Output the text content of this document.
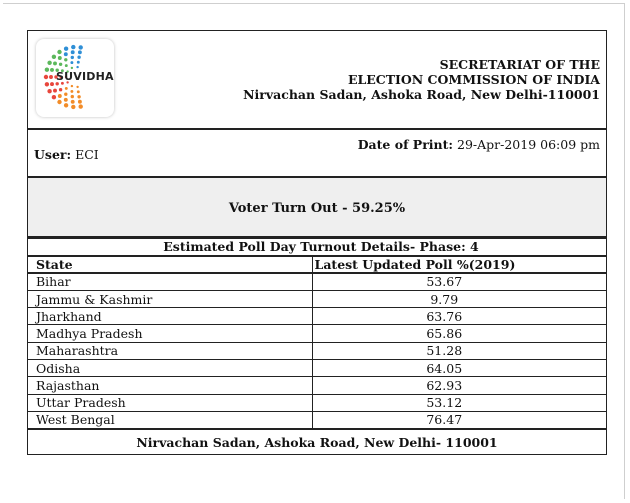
SUVIDHA
SECRETARIAT OF THE
ELECTION COMMISSION OF INDIA
Nirvachan Sadan, Ashoka Road, New Delhi-110001
User: ECI
Date of Print: 29-Apr-2019 06:09 pm
Voter Turn Out - 59.25%
Estimated Poll Day Turnout Details- Phase: 4	
State	Latest Updated Poll %(2019)
Bihar	53.67
Jammu & Kashmir	9.79
Jharkhand	63.76
Madhya Pradesh	65.86
Maharashtra	51.28
Odisha	64.05
Rajasthan	62.93
Uttar Pradesh	53.12
West Bengal	76.47
Nirvachan Sadan, Ashoka Road, New Delhi- 110001	
